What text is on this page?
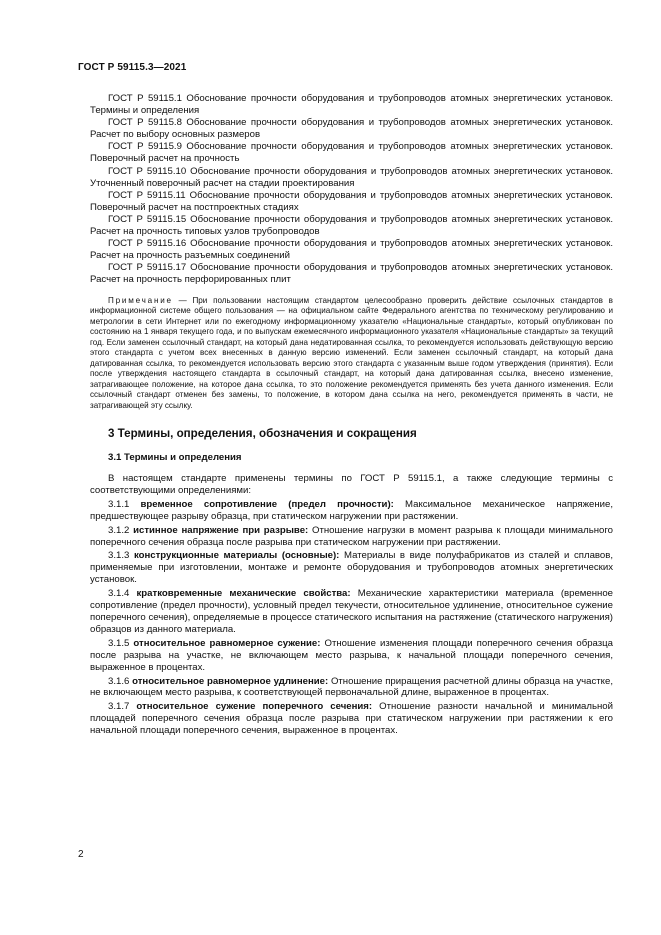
ГОСТ Р 59115.3—2021
ГОСТ Р 59115.1 Обоснование прочности оборудования и трубопроводов атомных энергетических установок. Термины и определения
ГОСТ Р 59115.8 Обоснование прочности оборудования и трубопроводов атомных энергетических установок. Расчет по выбору основных размеров
ГОСТ Р 59115.9 Обоснование прочности оборудования и трубопроводов атомных энергетических установок. Поверочный расчет на прочность
ГОСТ Р 59115.10 Обоснование прочности оборудования и трубопроводов атомных энергетических установок. Уточненный поверочный расчет на стадии проектирования
ГОСТ Р 59115.11 Обоснование прочности оборудования и трубопроводов атомных энергетических установок. Поверочный расчет на постпроектных стадиях
ГОСТ Р 59115.15 Обоснование прочности оборудования и трубопроводов атомных энергетических установок. Расчет на прочность типовых узлов трубопроводов
ГОСТ Р 59115.16 Обоснование прочности оборудования и трубопроводов атомных энергетических установок. Расчет на прочность разъемных соединений
ГОСТ Р 59115.17 Обоснование прочности оборудования и трубопроводов атомных энергетических установок. Расчет на прочность перфорированных плит
Примечание — При пользовании настоящим стандартом целесообразно проверить действие ссылочных стандартов в информационной системе общего пользования — на официальном сайте Федерального агентства по техническому регулированию и метрологии в сети Интернет или по ежегодному информационному указателю «Национальные стандарты», который опубликован по состоянию на 1 января текущего года, и по выпускам ежемесячного информационного указателя «Национальные стандарты» за текущий год. Если заменен ссылочный стандарт, на который дана недатированная ссылка, то рекомендуется использовать действующую версию этого стандарта с учетом всех внесенных в данную версию изменений. Если заменен ссылочный стандарт, на который дана датированная ссылка, то рекомендуется использовать версию этого стандарта с указанным выше годом утверждения (принятия). Если после утверждения настоящего стандарта в ссылочный стандарт, на который дана датированная ссылка, внесено изменение, затрагивающее положение, на которое дана ссылка, то это положение рекомендуется применять без учета данного изменения. Если ссылочный стандарт отменен без замены, то положение, в котором дана ссылка на него, рекомендуется применять в части, не затрагивающей эту ссылку.
3 Термины, определения, обозначения и сокращения
3.1 Термины и определения
В настоящем стандарте применены термины по ГОСТ Р 59115.1, а также следующие термины с соответствующими определениями:
3.1.1 временное сопротивление (предел прочности): Максимальное механическое напряжение, предшествующее разрыву образца, при статическом нагружении при растяжении.
3.1.2 истинное напряжение при разрыве: Отношение нагрузки в момент разрыва к площади минимального поперечного сечения образца после разрыва при статическом нагружении при растяжении.
3.1.3 конструкционные материалы (основные): Материалы в виде полуфабрикатов из сталей и сплавов, применяемые при изготовлении, монтаже и ремонте оборудования и трубопроводов атомных энергетических установок.
3.1.4 кратковременные механические свойства: Механические характеристики материала (временное сопротивление (предел прочности), условный предел текучести, относительное удлинение, относительное сужение поперечного сечения), определяемые в процессе статического испытания на растяжение (статического нагружения) образцов из данного материала.
3.1.5 относительное равномерное сужение: Отношение изменения площади поперечного сечения образца после разрыва на участке, не включающем место разрыва, к начальной площади поперечного сечения, выраженное в процентах.
3.1.6 относительное равномерное удлинение: Отношение приращения расчетной длины образца на участке, не включающем место разрыва, к соответствующей первоначальной длине, выраженное в процентах.
3.1.7 относительное сужение поперечного сечения: Отношение разности начальной и минимальной площадей поперечного сечения образца после разрыва при статическом нагружении при растяжении к его начальной площади поперечного сечения, выраженное в процентах.
2
